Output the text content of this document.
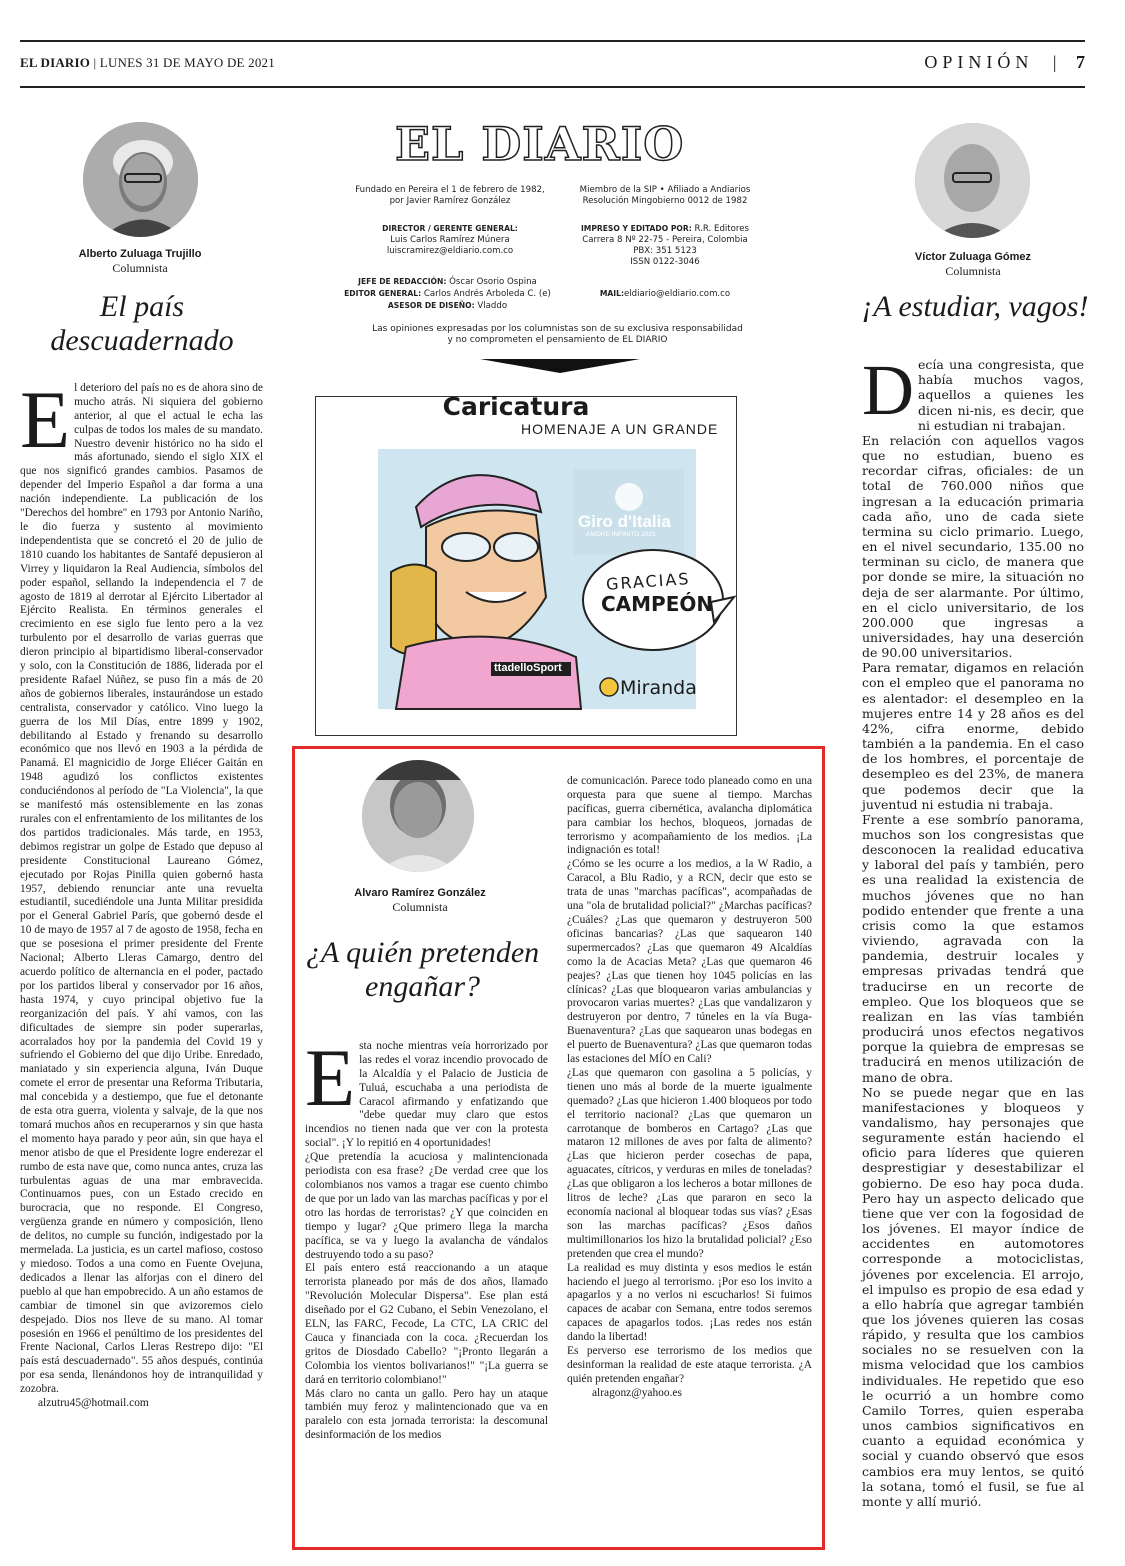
EL DIARIO | LUNES 31 DE MAYO DE 2021	OPINIÓN | 7
Alberto Zuluaga Trujillo
Columnista
El país descuadernado

El deterioro del país no es de ahora sino de mucho atrás. Ni siquiera del gobierno anterior, al que el actual le echa las culpas de todos los males de su mandato. Nuestro devenir histórico no ha sido el más afortunado, siendo el siglo XIX el que nos significó grandes cambios. Pasamos de depender del Imperio Español a dar forma a una nación independiente. La publicación de los "Derechos del hombre" en 1793 por Antonio Nariño, le dio fuerza y sustento al movimiento independentista que se concretó el 20 de julio de 1810 cuando los habitantes de Santafé depusieron al Virrey y liquidaron la Real Audiencia, símbolos del poder español, sellando la independencia el 7 de agosto de 1819 al derrotar al Ejército Libertador al Ejército Realista. En términos generales el crecimiento en ese siglo fue lento pero a la vez turbulento por el desarrollo de varias guerras que dieron principio al bipartidismo liberal-conservador y solo, con la Constitución de 1886, liderada por el presidente Rafael Núñez, se puso fin a más de 20 años de gobiernos liberales, instaurándose un estado centralista, conservador y católico. Vino luego la guerra de los Mil Días, entre 1899 y 1902, debilitando al Estado y frenando su desarrollo económico que nos llevó en 1903 a la pérdida de Panamá. El magnicidio de Jorge Eliécer Gaitán en 1948 agudizó los conflictos existentes conduciéndonos al período de "La Violencia", la que se manifestó más ostensiblemente en las zonas rurales con el enfrentamiento de los militantes de los dos partidos tradicionales. Más tarde, en 1953, debimos registrar un golpe de Estado que depuso al presidente Constitucional Laureano Gómez, ejecutado por Rojas Pinilla quien gobernó hasta 1957, debiendo renunciar ante una revuelta estudiantil, sucediéndole una Junta Militar presidida por el General Gabriel París, que gobernó desde el 10 de mayo de 1957 al 7 de agosto de 1958, fecha en que se posesiona el primer presidente del Frente Nacional; Alberto Lleras Camargo, dentro del acuerdo político de alternancia en el poder, pactado por los partidos liberal y conservador por 16 años, hasta 1974, y cuyo principal objetivo fue la reorganización del país. Y ahí vamos, con las dificultades de siempre sin poder superarlas, acorralados hoy por la pandemia del Covid 19 y sufriendo el Gobierno del que dijo Uribe. Enredado, maniatado y sin experiencia alguna, Iván Duque comete el error de presentar una Reforma Tributaria, mal concebida y a destiempo, que fue el detonante de esta otra guerra, violenta y salvaje, de la que nos tomará muchos años en recuperarnos y sin que hasta el momento haya parado y peor aún, sin que haya el menor atisbo de que el Presidente logre enderezar el rumbo de esta nave que, como nunca antes, cruza las turbulentas aguas de una mar embravecida. Continuamos pues, con un Estado crecido en burocracia, que no responde. El Congreso, vergüenza grande en número y composición, lleno de delitos, no cumple su función, indigestado por la mermelada. La justicia, es un cartel mafioso, costoso y miedoso. Todos a una como en Fuente Ovejuna, dedicados a llenar las alforjas con el dinero del pueblo al que han empobrecido. A un año estamos de cambiar de timonel sin que avizoremos cielo despejado. Dios nos lleve de su mano. Al tomar posesión en 1966 el penúltimo de los presidentes del Frente Nacional, Carlos Lleras Restrepo dijo: "El país está descuadernado". 55 años después, continúa por esa senda, llenándonos hoy de intranquilidad y zozobra.

alzutru45@hotmail.com

EL DIARIO
Fundado en Pereira el 1 de febrero de 1982,
por Javier Ramírez González
DIRECTOR / GERENTE GENERAL:
Luis Carlos Ramírez Múnera
luiscramirez@eldiario.com.co
JEFE DE REDACCIÓN: Óscar Osorio Ospina
EDITOR GENERAL: Carlos Andrés Arboleda C. (e)
ASESOR DE DISEÑO: Vladdo
Miembro de la SIP • Afiliado a Andiarios
Resolución Mingobierno 0012 de 1982
IMPRESO Y EDITADO POR: R.R. Editores
Carrera 8 Nº 22-75 - Pereira, Colombia
PBX: 351 5123
ISSN 0122-3046
MAIL:eldiario@eldiario.com.co
Las opiniones expresadas por los columnistas son de su exclusiva responsabilidad
y no comprometen el pensamiento de EL DIARIO
Caricatura
HOMENAJE A UN GRANDE
Giro d'Italia
AMORE INFINITO 2021
ttadelloSport
GRACIAS
CAMPEÓN
Miranda
Alvaro Ramírez González
Columnista
¿A quién pretenden engañar?

Esta noche mientras veía horrorizado por las redes el voraz incendio provocado de la Alcaldía y el Palacio de Justicia de Tuluá, escuchaba a una periodista de Caracol afirmando y enfatizando que "debe quedar muy claro que estos incendios no tienen nada que ver con la protesta social". ¡Y lo repitió en 4 oportunidades!
¿Que pretendía la acuciosa y malintencionada periodista con esa frase? ¿De verdad cree que los colombianos nos vamos a tragar ese cuento chimbo de que por un lado van las marchas pacíficas y por el otro las hordas de terroristas? ¿Y que coinciden en tiempo y lugar? ¿Que primero llega la marcha pacífica, se va y luego la avalancha de vándalos destruyendo todo a su paso?
El país entero está reaccionando a un ataque terrorista planeado por más de dos años, llamado "Revolución Molecular Dispersa". Ese plan está diseñado por el G2 Cubano, el Sebin Venezolano, el ELN, las FARC, Fecode, La CTC, LA CRIC del Cauca y financiada con la coca. ¿Recuerdan los gritos de Diosdado Cabello? "¡Pronto llegarán a Colombia los vientos bolivarianos!" "¡La guerra se dará en territorio colombiano!"
Más claro no canta un gallo. Pero hay un ataque también muy feroz y malintencionado que va en paralelo con esta jornada terrorista: la descomunal desinformación de los medios

de comunicación. Parece todo planeado como en una orquesta para que suene al tiempo. Marchas pacíficas, guerra cibernética, avalancha diplomática para cambiar los hechos, bloqueos, jornadas de terrorismo y acompañamiento de los medios. ¡La indignación es total!
¿Cómo se les ocurre a los medios, a la W Radio, a Caracol, a Blu Radio, y a RCN, decir que esto se trata de unas "marchas pacíficas", acompañadas de una "ola de brutalidad policial?" ¿Marchas pacíficas? ¿Cuáles? ¿Las que quemaron y destruyeron 500 oficinas bancarias? ¿Las que saquearon 140 supermercados? ¿Las que quemaron 49 Alcaldías como la de Acacias Meta? ¿Las que quemaron 46 peajes? ¿Las que tienen hoy 1045 policías en las clínicas? ¿Las que bloquearon varias ambulancias y provocaron varias muertes? ¿Las que vandalizaron y destruyeron por dentro, 7 túneles en la vía Buga- Buenaventura? ¿Las que saquearon unas bodegas en el puerto de Buenaventura? ¿Las que quemaron todas las estaciones del MÍO en Cali?
¿Las que quemaron con gasolina a 5 policías, y tienen uno más al borde de la muerte igualmente quemado? ¿Las que hicieron 1.400 bloqueos por todo el territorio nacional? ¿Las que quemaron un carrotanque de bomberos en Cartago? ¿Las que mataron 12 millones de aves por falta de alimento? ¿Las que hicieron perder cosechas de papa, aguacates, cítricos, y verduras en miles de toneladas? ¿Las que obligaron a los lecheros a botar millones de litros de leche? ¿Las que pararon en seco la economía nacional al bloquear todas sus vías? ¿Esas son las marchas pacíficas? ¿Esos daños multimillonarios los hizo la brutalidad policial? ¿Eso pretenden que crea el mundo?
La realidad es muy distinta y esos medios le están haciendo el juego al terrorismo. ¡Por eso los invito a apagarlos y a no verlos ni escucharlos! Si fuimos capaces de acabar con Semana, entre todos seremos capaces de apagarlos todos. ¡Las redes nos están dando la libertad!
Es perverso ese terrorismo de los medios que desinforman la realidad de este ataque terrorista. ¿A quién pretenden engañar?

alragonz@yahoo.es

Víctor Zuluaga Gómez
Columnista
¡A estudiar, vagos!

Decía una congresista, que había muchos vagos, aquellos a quienes les dicen ni-nis, es decir, que ni estudian ni trabajan.
En relación con aquellos vagos que no estudian, bueno es recordar cifras, oficiales: de un total de 760.000 niños que ingresan a la educación primaria cada año, uno de cada siete termina su ciclo primario. Luego, en el nivel secundario, 135.00 no terminan su ciclo, de manera que por donde se mire, la situación no deja de ser alarmante. Por último, en el ciclo universitario, de los 200.000 que ingresas a universidades, hay una deserción de 90.00 universitarios.
Para rematar, digamos en relación con el empleo que el panorama no es alentador: el desempleo en la mujeres entre 14 y 28 años es del 42%, cifra enorme, debido también a la pandemia. En el caso de los hombres, el porcentaje de desempleo es del 23%, de manera que podemos decir que la juventud ni estudia ni trabaja.
Frente a ese sombrío panorama, muchos son los congresistas que desconocen la realidad educativa y laboral del país y también, pero es una realidad la existencia de muchos jóvenes que no han podido entender que frente a una crisis como la que estamos viviendo, agravada con la pandemia, destruir locales y empresas privadas tendrá que traducirse en un recorte de empleo. Que los bloqueos que se realizan en las vías también producirá unos efectos negativos porque la quiebra de empresas se traducirá en menos utilización de mano de obra.
No se puede negar que en las manifestaciones y bloqueos y vandalismo, hay personajes que seguramente están haciendo el oficio para líderes que quieren desprestigiar y desestabilizar el gobierno. De eso hay poca duda. Pero hay un aspecto delicado que tiene que ver con la fogosidad de los jóvenes. El mayor índice de accidentes en automotores corresponde a motociclistas, jóvenes por excelencia. El arrojo, el impulso es propio de esa edad y a ello habría que agregar también que los jóvenes quieren las cosas rápido, y resulta que los cambios sociales no se resuelven con la misma velocidad que los cambios individuales. He repetido que eso le ocurrió a un hombre como Camilo Torres, quien esperaba unos cambios significativos en cuanto a equidad económica y social y cuando observó que esos cambios era muy lentos, se quitó la sotana, tomó el fusil, se fue al monte y allí murió.
